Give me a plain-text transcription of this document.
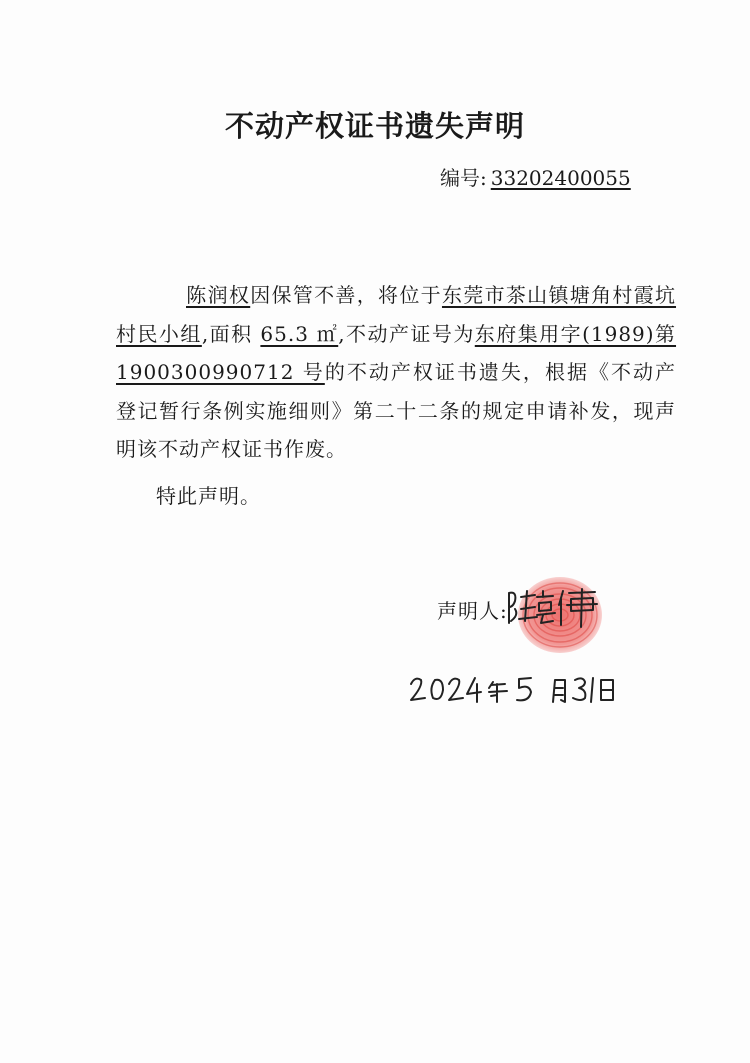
不动产权证书遗失声明
编号: 33202400055
陈润权因保管不善，将位于东莞市茶山镇塘角村霞坑村民小组,面积 65.3 ㎡,不动产证号为东府集用字(1989)第 1900300990712 号的不动产权证书遗失，根据《不动产登记暂行条例实施细则》第二十二条的规定申请补发，现声明该不动产权证书作废。
特此声明。
声明人:
